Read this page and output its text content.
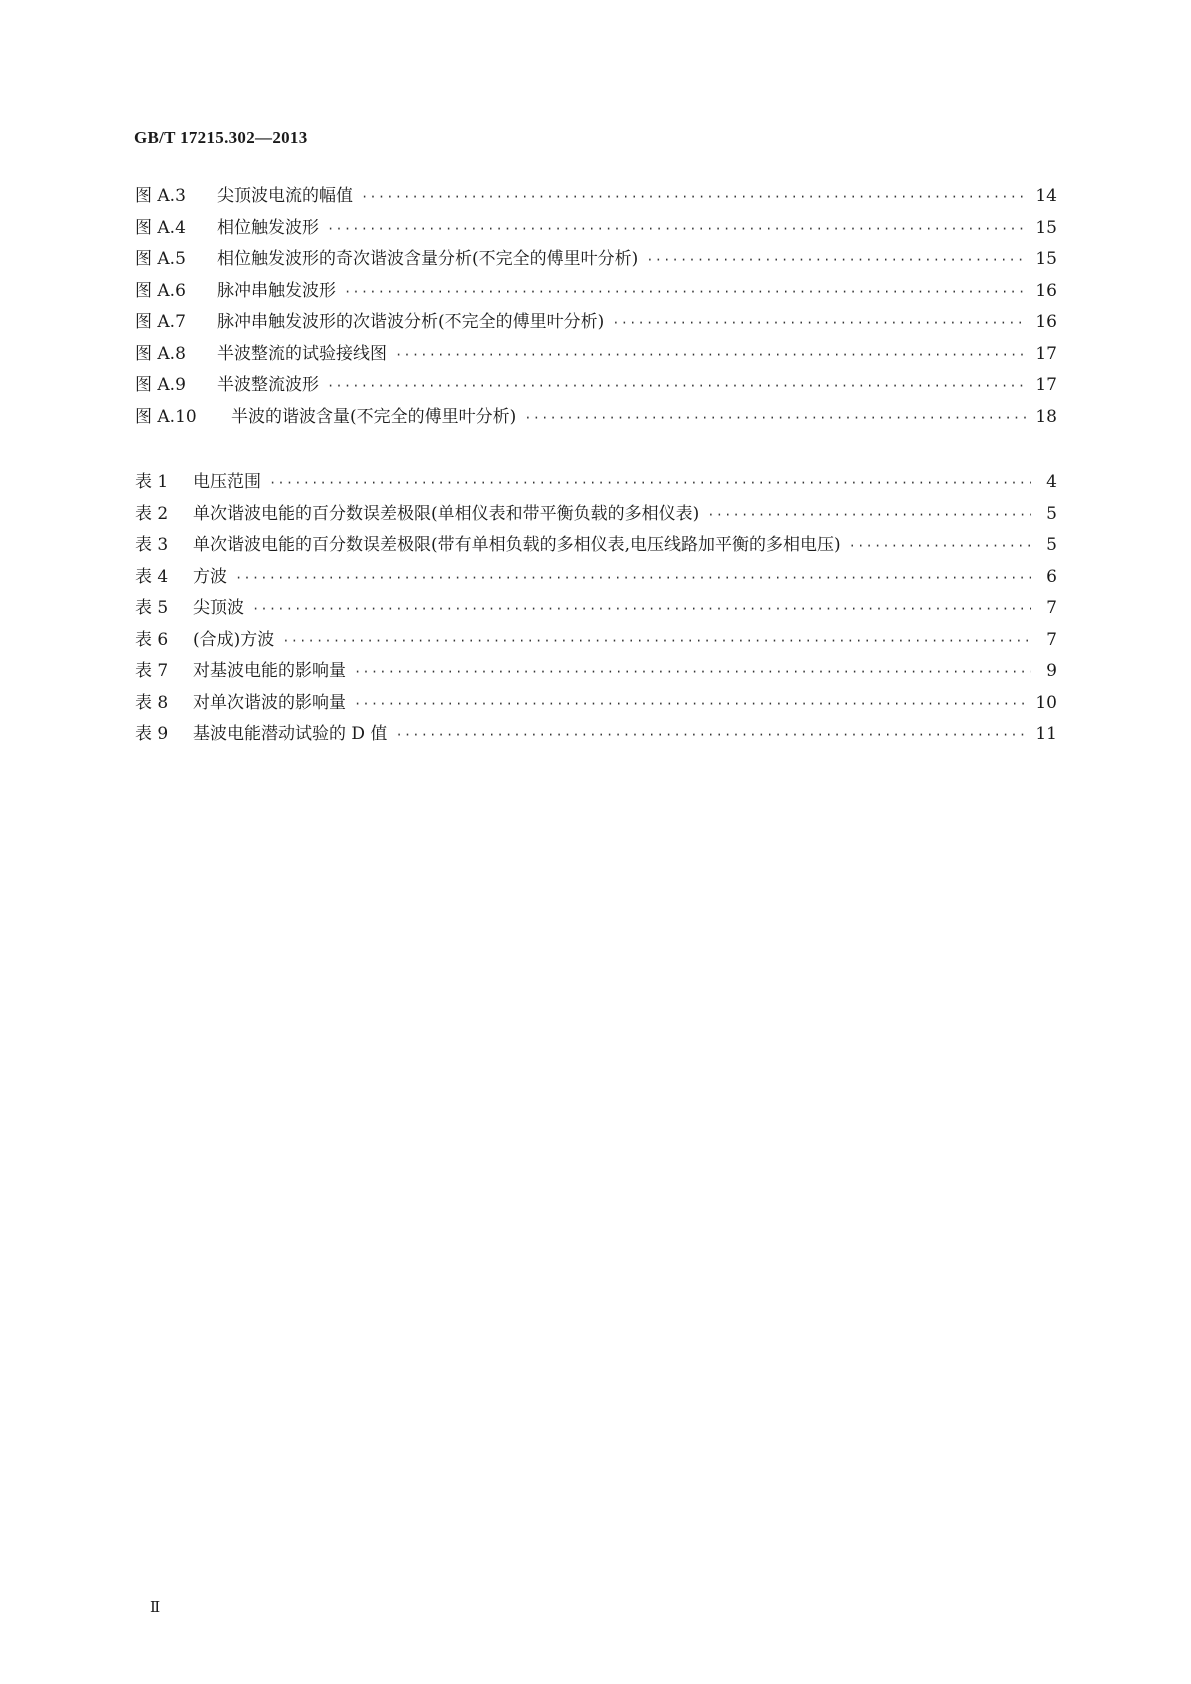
GB/T 17215.302—2013
图 A.3	尖顶波电流的幅值 ·····	14
图 A.4	相位触发波形 ·····	15
图 A.5	相位触发波形的奇次谐波含量分析(不完全的傅里叶分析) ·····	15
图 A.6	脉冲串触发波形 ·····	16
图 A.7	脉冲串触发波形的次谐波分析(不完全的傅里叶分析) ·····	16
图 A.8	半波整流的试验接线图 ·····	17
图 A.9	半波整流波形 ·····	17
图 A.10	半波的谐波含量(不完全的傅里叶分析) ·····	18
表 1	电压范围 ·····	4
表 2	单次谐波电能的百分数误差极限(单相仪表和带平衡负载的多相仪表) ·····	5
表 3	单次谐波电能的百分数误差极限(带有单相负载的多相仪表,电压线路加平衡的多相电压) ·····	5
表 4	方波 ·····	6
表 5	尖顶波 ·····	7
表 6	(合成)方波 ·····	7
表 7	对基波电能的影响量 ·····	9
表 8	对单次谐波的影响量 ·····	10
表 9	基波电能潜动试验的 D 值 ·····	11
Ⅱ
